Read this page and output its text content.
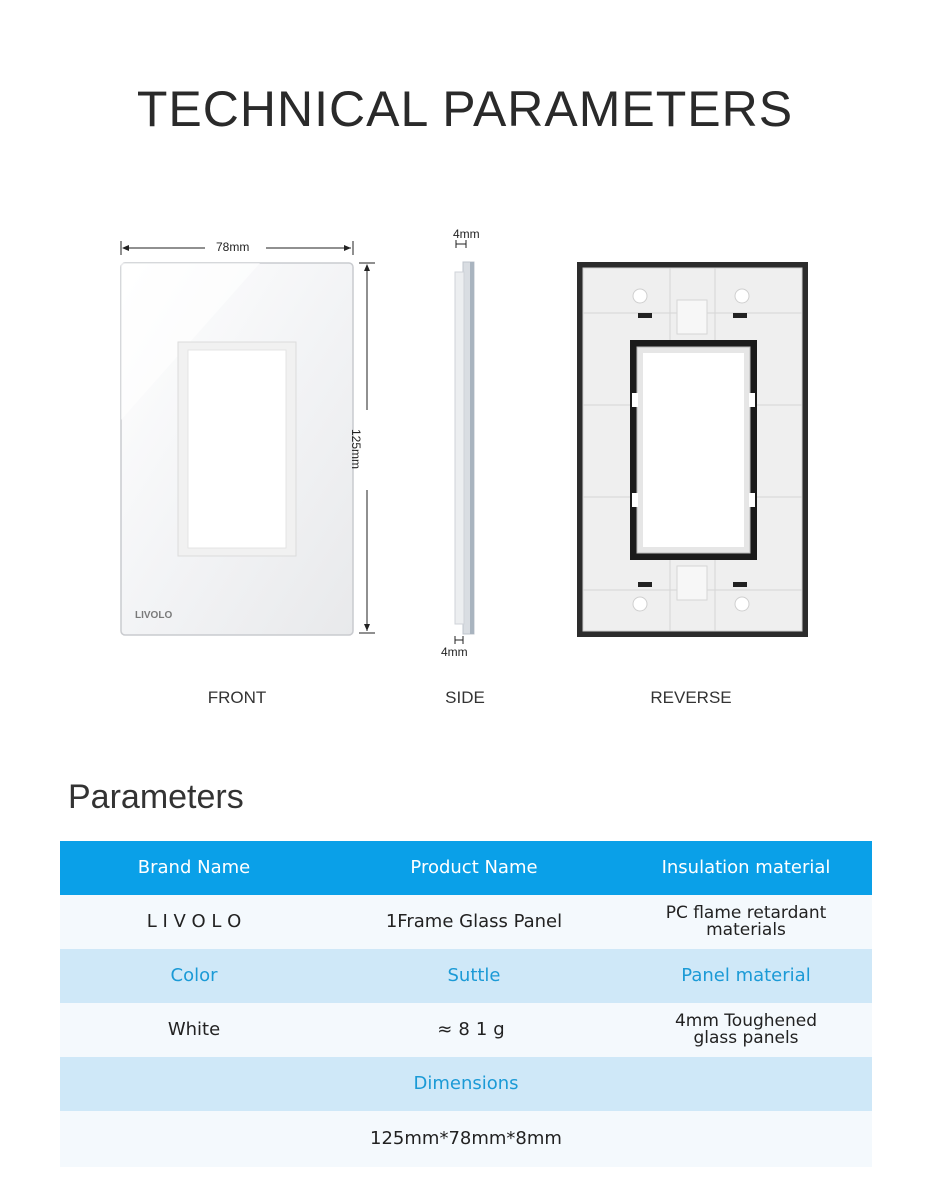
TECHNICAL PARAMETERS
LIVOLO
78mm
125mm
4mm
4mm
FRONT	SIDE	REVERSE
Parameters
Brand Name	Product Name	Insulation material
L I V O L O	1Frame Glass Panel	PC flame retardant materials
Color	Suttle	Panel material
White	≈81g	4mm Toughened glass panels
Dimensions
125mm*78mm*8mm
